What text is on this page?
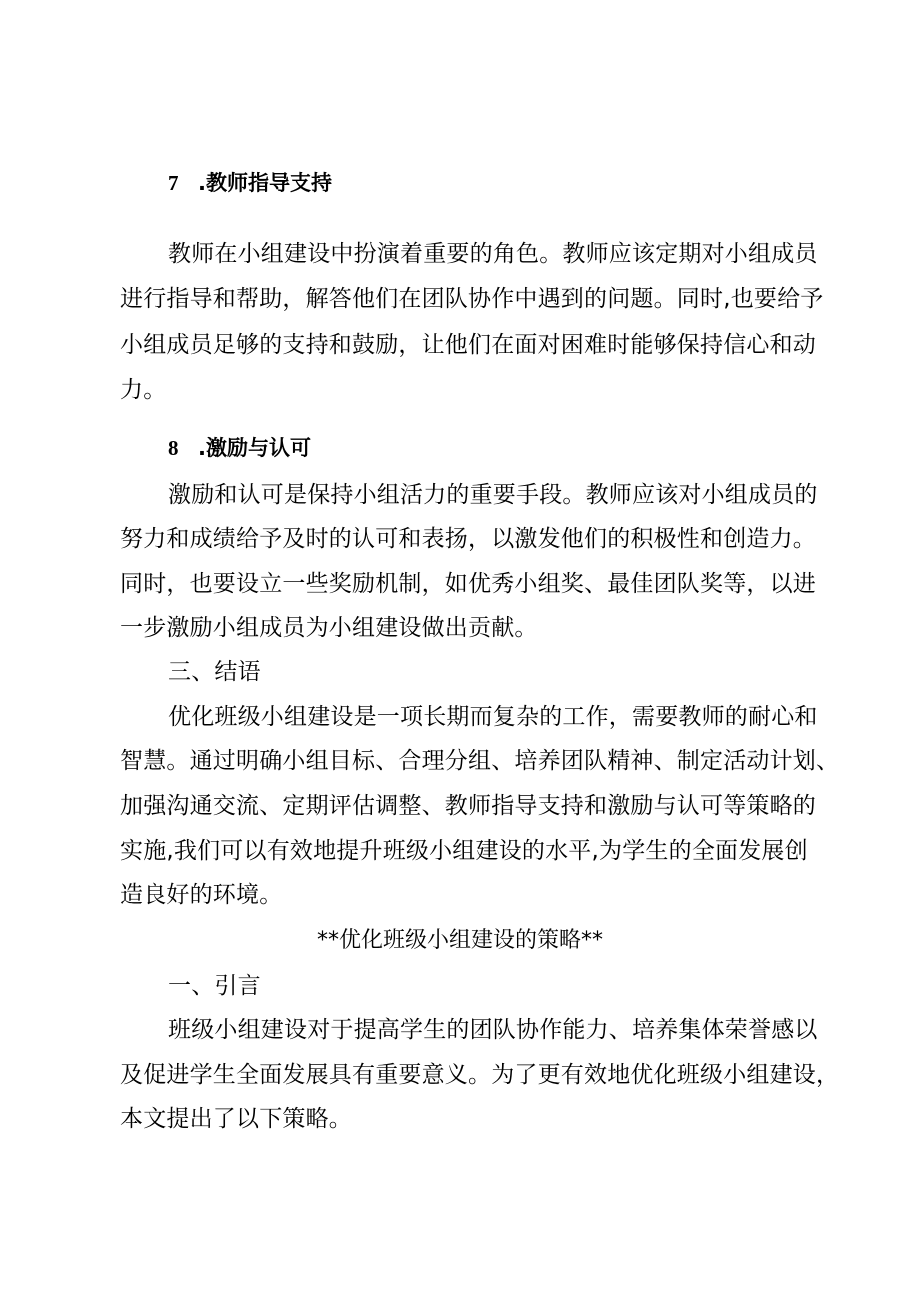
7 .教师指导支持
教师在小组建设中扮演着重要的角色。教师应该定期对小组成员
进行指导和帮助，解答他们在团队协作中遇到的问题。同时,也要给予
小组成员足够的支持和鼓励，让他们在面对困难时能够保持信心和动
力。
8 .激励与认可
激励和认可是保持小组活力的重要手段。教师应该对小组成员的
努力和成绩给予及时的认可和表扬，以激发他们的积极性和创造力。
同时，也要设立一些奖励机制，如优秀小组奖、最佳团队奖等，以进
一步激励小组成员为小组建设做出贡献。
三、结语
优化班级小组建设是一项长期而复杂的工作，需要教师的耐心和
智慧。通过明确小组目标、合理分组、培养团队精神、制定活动计划、
加强沟通交流、定期评估调整、教师指导支持和激励与认可等策略的
实施,我们可以有效地提升班级小组建设的水平,为学生的全面发展创
造良好的环境。
**优化班级小组建设的策略**
一、引言
班级小组建设对于提高学生的团队协作能力、培养集体荣誉感以
及促进学生全面发展具有重要意义。为了更有效地优化班级小组建设，
本文提出了以下策略。
